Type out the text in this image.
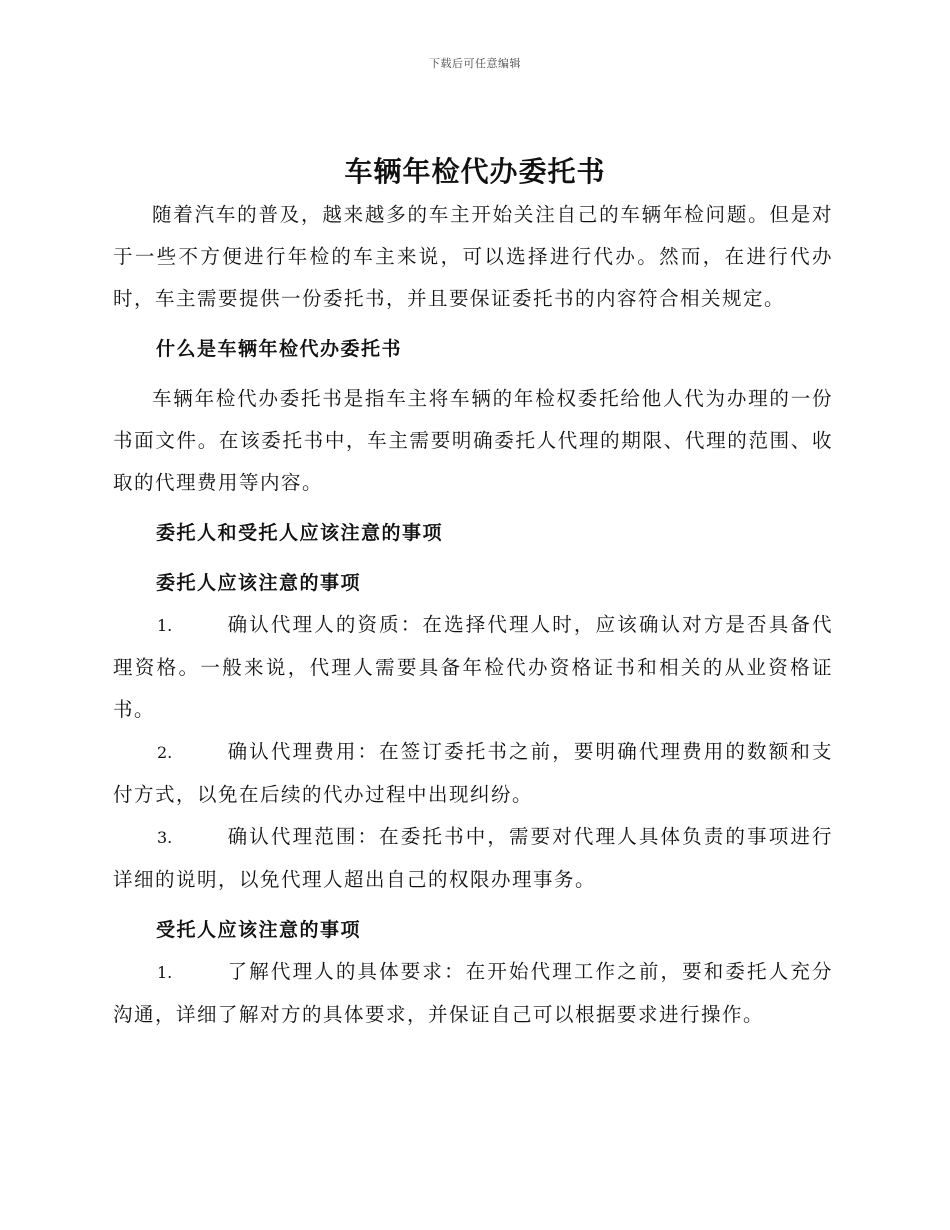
下载后可任意编辑
车辆年检代办委托书

随着汽车的普及，越来越多的车主开始关注自己的车辆年检问题。但是对于一些不方便进行年检的车主来说，可以选择进行代办。然而，在进行代办时，车主需要提供一份委托书，并且要保证委托书的内容符合相关规定。

什么是车辆年检代办委托书

车辆年检代办委托书是指车主将车辆的年检权委托给他人代为办理的一份书面文件。在该委托书中，车主需要明确委托人代理的期限、代理的范围、收取的代理费用等内容。

委托人和受托人应该注意的事项

委托人应该注意的事项

1.	确认代理人的资质：在选择代理人时，应该确认对方是否具备代理资格。一般来说，代理人需要具备年检代办资格证书和相关的从业资格证书。

2.	确认代理费用：在签订委托书之前，要明确代理费用的数额和支付方式，以免在后续的代办过程中出现纠纷。

3.	确认代理范围：在委托书中，需要对代理人具体负责的事项进行详细的说明，以免代理人超出自己的权限办理事务。

受托人应该注意的事项

1.	了解代理人的具体要求：在开始代理工作之前，要和委托人充分沟通，详细了解对方的具体要求，并保证自己可以根据要求进行操作。
